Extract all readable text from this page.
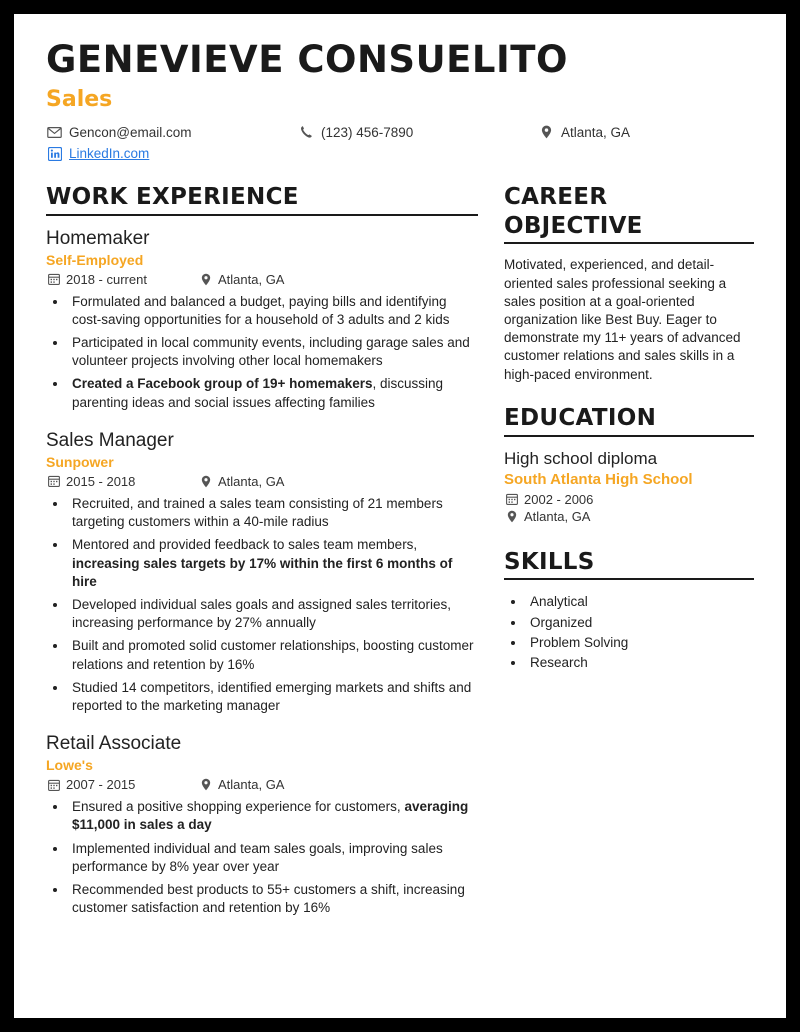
GENEVIEVE CONSUELITO
Sales
Gencon@email.com	(123) 456-7890	Atlanta, GA
LinkedIn.com
WORK EXPERIENCE
Homemaker
Self-Employed
2018 - current	Atlanta, GA
• Formulated and balanced a budget, paying bills and identifying cost-saving opportunities for a household of 3 adults and 2 kids
• Participated in local community events, including garage sales and volunteer projects involving other local homemakers
• Created a Facebook group of 19+ homemakers, discussing parenting ideas and social issues affecting families
Sales Manager
Sunpower
2015 - 2018	Atlanta, GA
• Recruited, and trained a sales team consisting of 21 members targeting customers within a 40-mile radius
• Mentored and provided feedback to sales team members, increasing sales targets by 17% within the first 6 months of hire
• Developed individual sales goals and assigned sales territories, increasing performance by 27% annually
• Built and promoted solid customer relationships, boosting customer relations and retention by 16%
• Studied 14 competitors, identified emerging markets and shifts and reported to the marketing manager
Retail Associate
Lowe's
2007 - 2015	Atlanta, GA
• Ensured a positive shopping experience for customers, averaging $11,000 in sales a day
• Implemented individual and team sales goals, improving sales performance by 8% year over year
• Recommended best products to 55+ customers a shift, increasing customer satisfaction and retention by 16%
CAREER
OBJECTIVE

Motivated, experienced, and detail-oriented sales professional seeking a sales position at a goal-oriented organization like Best Buy. Eager to demonstrate my 11+ years of advanced customer relations and sales skills in a high-paced environment.

EDUCATION
High school diploma
South Atlanta High School
2002 - 2006
Atlanta, GA
SKILLS
• Analytical
• Organized
• Problem Solving
• Research
